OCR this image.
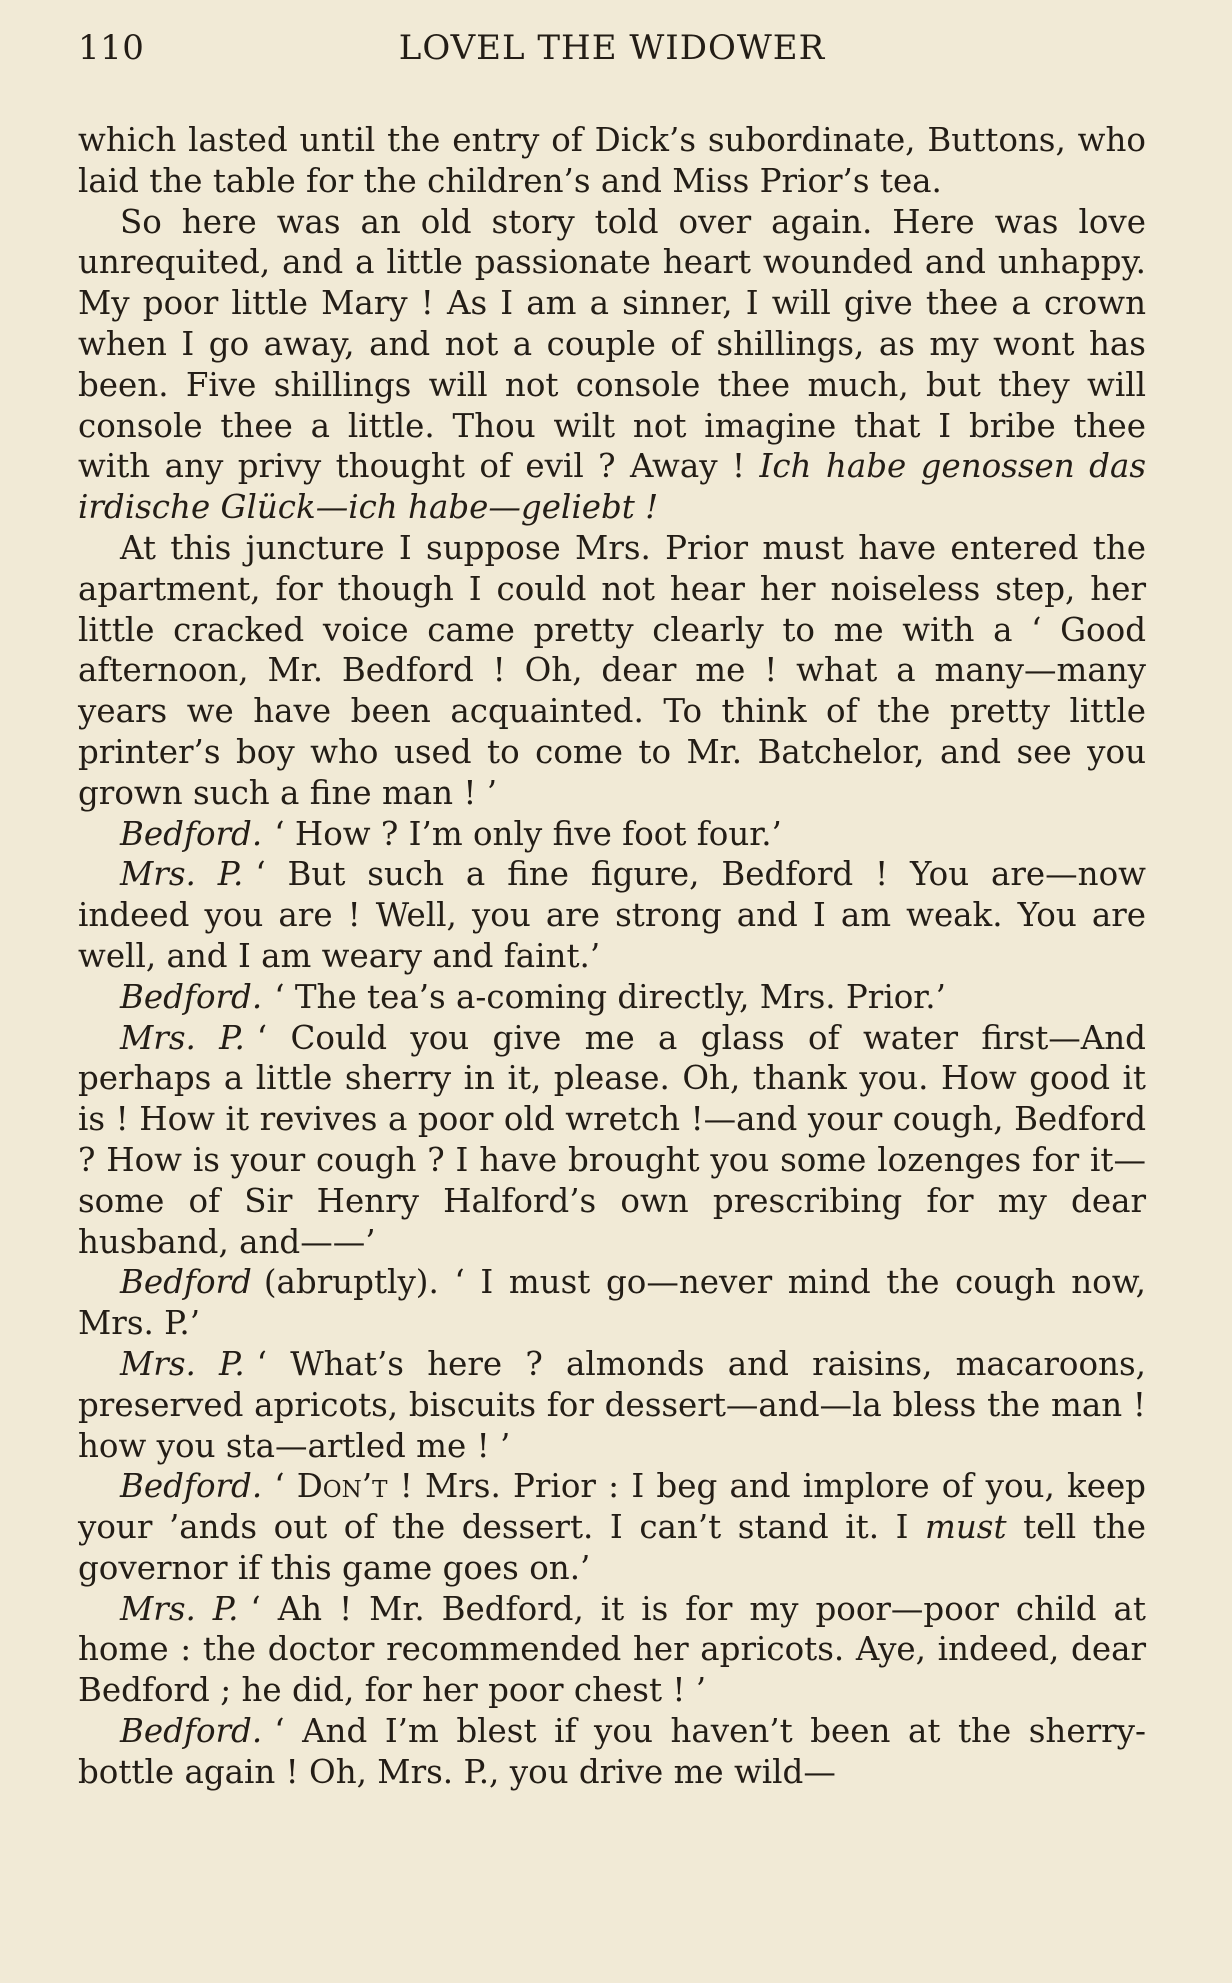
110	LOVEL THE WIDOWER

which lasted until the entry of Dick’s subordinate, Buttons, who laid the table for the children’s and Miss Prior’s tea.

So here was an old story told over again. Here was love unrequited, and a little passionate heart wounded and unhappy. My poor little Mary ! As I am a sinner, I will give thee a crown when I go away, and not a couple of shillings, as my wont has been. Five shillings will not console thee much, but they will console thee a little. Thou wilt not imagine that I bribe thee with any privy thought of evil ? Away ! Ich habe genossen das irdische Glück—ich habe—geliebt !

At this juncture I suppose Mrs. Prior must have entered the apartment, for though I could not hear her noiseless step, her little cracked voice came pretty clearly to me with a ‘ Good afternoon, Mr. Bedford ! Oh, dear me ! what a many—many years we have been acquainted. To think of the pretty little printer’s boy who used to come to Mr. Batchelor, and see you grown such a fine man ! ’

Bedford. ‘ How ? I’m only five foot four.’

Mrs. P. ‘ But such a fine figure, Bedford ! You are—now indeed you are ! Well, you are strong and I am weak. You are well, and I am weary and faint.’

Bedford. ‘ The tea’s a-coming directly, Mrs. Prior.’

Mrs. P. ‘ Could you give me a glass of water first—And perhaps a little sherry in it, please. Oh, thank you. How good it is ! How it revives a poor old wretch !—and your cough, Bedford ? How is your cough ? I have brought you some lozenges for it—some of Sir Henry Halford’s own prescribing for my dear husband, and——’

Bedford (abruptly). ‘ I must go—never mind the cough now, Mrs. P.’

Mrs. P. ‘ What’s here ? almonds and raisins, macaroons, preserved apricots, biscuits for dessert—and—la bless the man ! how you sta—artled me ! ’

Bedford. ‘ Don’t ! Mrs. Prior : I beg and implore of you, keep your ’ands out of the dessert. I can’t stand it. I must tell the governor if this game goes on.’

Mrs. P. ‘ Ah ! Mr. Bedford, it is for my poor—poor child at home : the doctor recommended her apricots. Aye, indeed, dear Bedford ; he did, for her poor chest ! ’

Bedford. ‘ And I’m blest if you haven’t been at the sherry-bottle again ! Oh, Mrs. P., you drive me wild—
